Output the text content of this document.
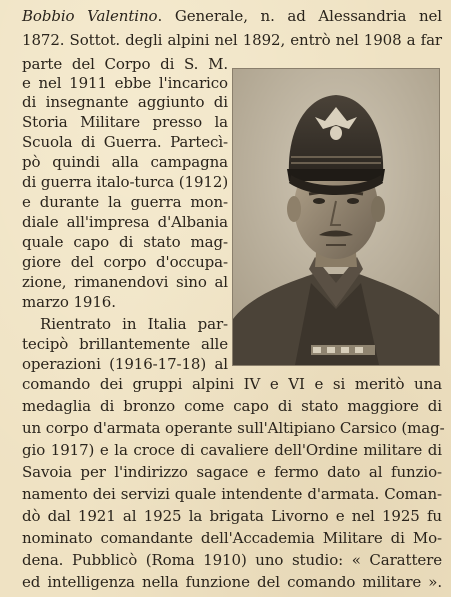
Bobbio Valentino. Generale, n. ad Alessandria nel
1872. Sottot. degli alpini nel 1892, entrò nel 1908 a far
parte del Corpo di S. M.
e nel 1911 ebbe l'incarico
di insegnante aggiunto di
Storia Militare presso la
Scuola di Guerra. Partecì-
pò quindi alla campagna
di guerra italo-turca (1912)
e durante la guerra mon-
diale all'impresa d'Albania
quale capo di stato mag-
giore del corpo d'occupa-
zione, rimanendovi sino al
marzo 1916.
Rientrato in Italia par-
tecipò brillantemente alle
operazioni (1916-17-18) al
comando dei gruppi alpini IV e VI e si meritò una
medaglia di bronzo come capo di stato maggiore di
un corpo d'armata operante sull'Altipiano Carsico (mag-
gio 1917) e la croce di cavaliere dell'Ordine militare di
Savoia per l'indirizzo sagace e fermo dato al funzio-
namento dei servizi quale intendente d'armata. Coman-
dò dal 1921 al 1925 la brigata Livorno e nel 1925 fu
nominato comandante dell'Accademia Militare di Mo-
dena. Pubblicò (Roma 1910) uno studio: « Carattere
ed intelligenza nella funzione del comando militare ».
